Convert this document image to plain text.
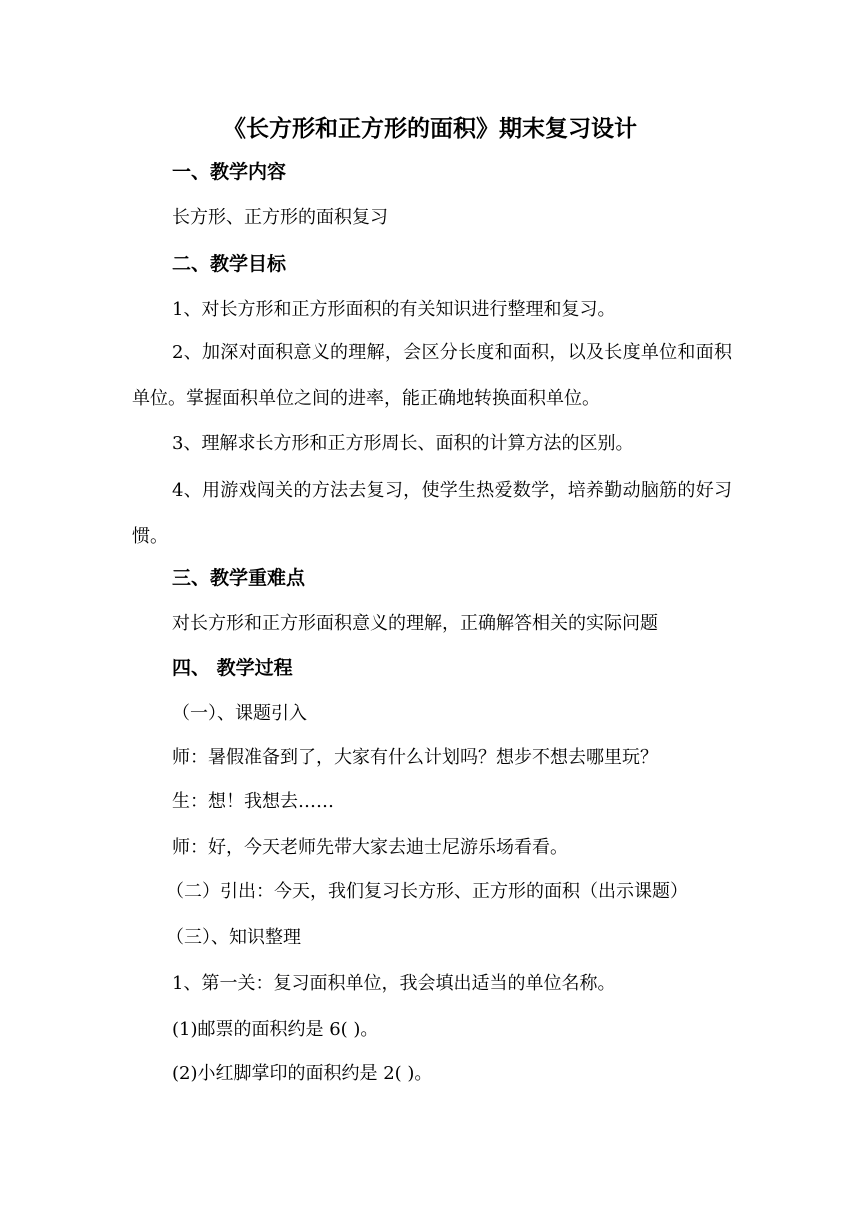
《长方形和正方形的面积》期末复习设计
一、教学内容
长方形、正方形的面积复习
二、教学目标
1、对长方形和正方形面积的有关知识进行整理和复习。
2、加深对面积意义的理解，会区分长度和面积，以及长度单位和面积单位。掌握面积单位之间的进率，能正确地转换面积单位。
3、理解求长方形和正方形周长、面积的计算方法的区别。
4、用游戏闯关的方法去复习，使学生热爱数学，培养勤动脑筋的好习惯。
三、教学重难点
对长方形和正方形面积意义的理解，正确解答相关的实际问题
四、 教学过程
（一）、课题引入
师：暑假准备到了，大家有什么计划吗？想步不想去哪里玩？
生：想！我想去……
师：好，今天老师先带大家去迪士尼游乐场看看。
（二）引出：今天，我们复习长方形、正方形的面积（出示课题）
（三）、知识整理
1、第一关：复习面积单位，我会填出适当的单位名称。
(1)邮票的面积约是 6( )。
(2)小红脚掌印的面积约是 2( )。
